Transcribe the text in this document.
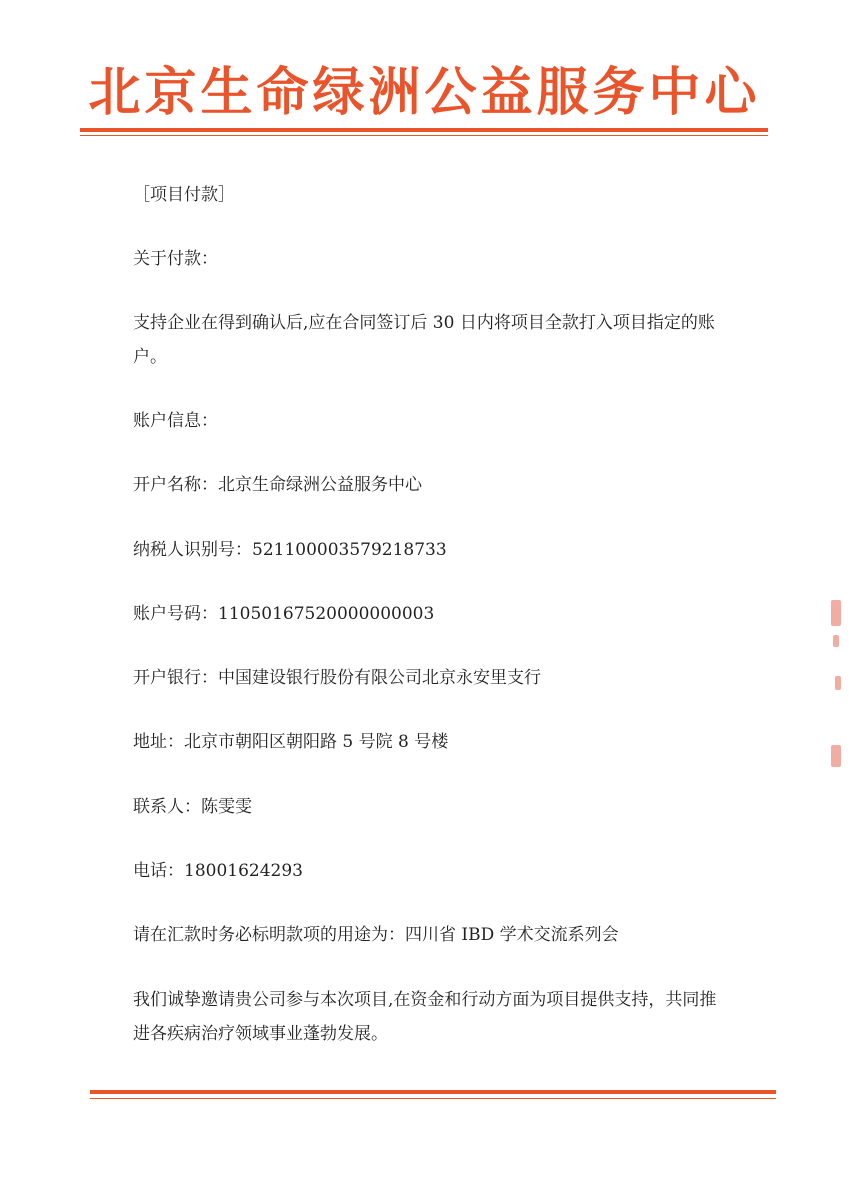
北京生命绿洲公益服务中心
［项目付款］
关于付款：
支持企业在得到确认后,应在合同签订后 30 日内将项目全款打入项目指定的账户。
账户信息：
开户名称：北京生命绿洲公益服务中心
纳税人识别号：521100003579218733
账户号码：11050167520000000003
开户银行：中国建设银行股份有限公司北京永安里支行
地址：北京市朝阳区朝阳路 5 号院 8 号楼
联系人：陈雯雯
电话：18001624293
请在汇款时务必标明款项的用途为：四川省 IBD 学术交流系列会
我们诚挚邀请贵公司参与本次项目,在资金和行动方面为项目提供支持，共同推进各疾病治疗领域事业蓬勃发展。
